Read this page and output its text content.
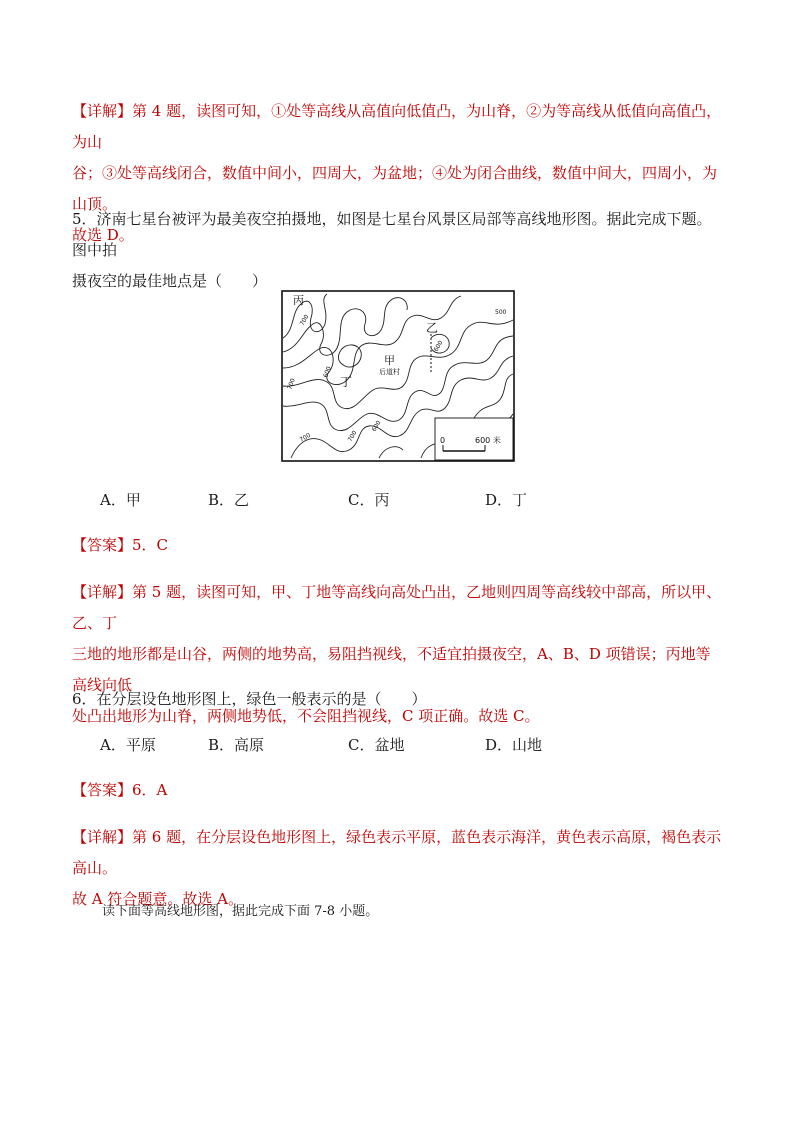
【详解】第 4 题，读图可知，①处等高线从高值向低值凸，为山脊，②为等高线从低值向高值凸，为山
谷；③处等高线闭合，数值中间小，四周大，为盆地；④处为闭合曲线，数值中间大，四周小，为山顶。
故选 D。
5．济南七星台被评为最美夜空拍摄地，如图是七星台风景区局部等高线地形图。据此完成下题。图中拍
摄夜空的最佳地点是（　　）
丙
乙
甲
后道村
丁
700
700
700	700
600
600
600
500
0	600 米
A．甲	B．乙	C．丙	D．丁
【答案】5．C
【详解】第 5 题，读图可知，甲、丁地等高线向高处凸出，乙地则四周等高线较中部高，所以甲、乙、丁
三地的地形都是山谷，两侧的地势高，易阻挡视线，不适宜拍摄夜空，A、B、D 项错误；丙地等高线向低
处凸出地形为山脊，两侧地势低，不会阻挡视线，C 项正确。故选 C。
6．在分层设色地形图上，绿色一般表示的是（　　）
A．平原	B．高原	C．盆地	D．山地
【答案】6．A
【详解】第 6 题，在分层设色地形图上，绿色表示平原，蓝色表示海洋，黄色表示高原，褐色表示高山。
故 A 符合题意。故选 A。
读下面等高线地形图，据此完成下面 7-8 小题。
